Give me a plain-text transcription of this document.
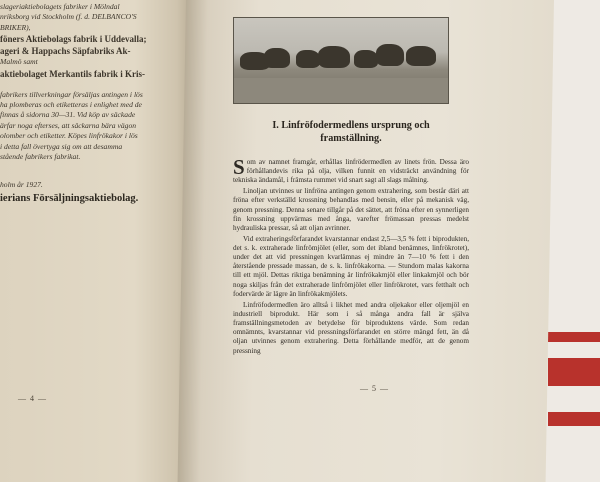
slageriaktiebolagets fabriker i Mölndal
nriksborg vid Stockholm (f. d. DELBANCO'S
BRIKER),
föners Aktiebolags fabrik i Uddevalla;
ageri & Happachs Säpfabriks Ak-
Malmö samt
aktiebolaget Merkantils fabrik i Kris-
fabrikers tillverkningar försäljas antingen i lös
ha plomberas och etiketteras i enlighet med de
finnas å sidorna 30—31. Vid köp av säckade
ärfar noga efterses, att säckarna bära vägon
olomber och etiketter. Köpes linfrökakor i lös
i detta fall övertyga sig om att desamma
stående fabrikers fabrikat.
holm år 1927.
ierians Försäljningsaktiebolag.
— 4 —
I. Linfröfodermedlens ursprung och
framställning.

Som av namnet framgår, erhållas linfrödermedlen av linets frön. Dessa äro förhållandevis rika på olja, vilken funnit en vidsträckt användning för tekniska ändamål, i främsta rummet vid snart sagt all slags målning.

Linoljan utvinnes ur linfröna antingen genom extrahering, som består däri att fröna efter verkställd krossning behandlas med bensin, eller på mekanisk väg, genom pressning. Denna senare tillgår på det sättet, att fröna efter en synnerligen fin krossning uppvärmas med ånga, varefter frömassan pressas medelst hydrauliska pressar, så att oljan avrinner.

Vid extraheringsförfarandet kvarstannar endast 2,5—3,5 % fett i biprodukten, det s. k. extraherade linfrömjölet (eller, som det ibland benämnes, linfrökrotet), under det att vid pressningen kvarlämnas ej mindre än 7—10 % fett i den återstående pressade massan, de s. k. linfrökakorna. — Stundom malas kakorna till ett mjöl. Dettas riktiga benämning är linfrökakmjöl eller linkakmjöl och bör noga skiljas från det extraherade linfrömjölet eller linfrökrotet, vars fetthalt och fodervärde är lägre än linfrökakmjölets.

Linfröfodermedlen äro alltså i likhet med andra oljekakor eller oljemjöl en industriell biprodukt. Här som i så många andra fall är själva framställningsmetoden av betydelse för biproduktens värde. Som redan omnämnts, kvarstannar vid pressningsförfarandet en större mängd fett, än då oljan utvinnes genom extrahering. Detta förhållande medför, att de genom pressning

— 5 —
